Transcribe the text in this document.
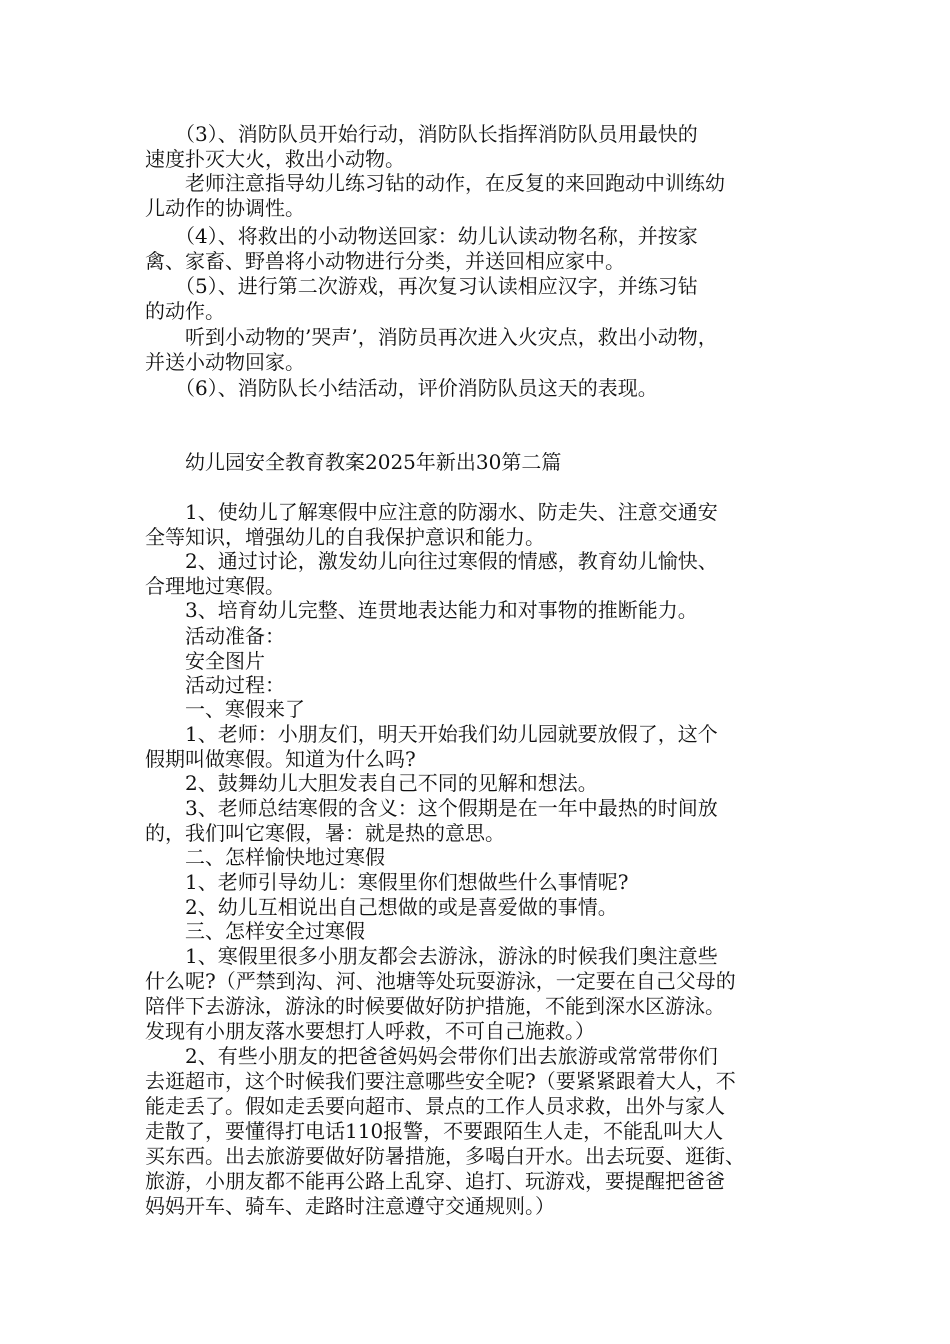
　　（3）、消防队员开始行动，消防队长指挥消防队员用最快的
速度扑灭大火，救出小动物。

　　老师注意指导幼儿练习钻的动作，在反复的来回跑动中训练幼
儿动作的协调性。

　　（4）、将救出的小动物送回家：幼儿认读动物名称，并按家
禽、家畜、野兽将小动物进行分类，并送回相应家中。

　　（5）、进行第二次游戏，再次复习认读相应汉字，并练习钻
的动作。

　　听到小动物的’哭声’，消防员再次进入火灾点，救出小动物，
并送小动物回家。

　　（6）、消防队长小结活动，评价消防队员这天的表现。

　　幼儿园安全教育教案2025年新出30第二篇

　　1、使幼儿了解寒假中应注意的防溺水、防走失、注意交通安
全等知识，增强幼儿的自我保护意识和能力。

　　2、通过讨论，激发幼儿向往过寒假的情感，教育幼儿愉快、
合理地过寒假。

　　3、培育幼儿完整、连贯地表达能力和对事物的推断能力。

　　活动准备：

　　安全图片

　　活动过程：

　　一、寒假来了

　　1、老师：小朋友们，明天开始我们幼儿园就要放假了，这个
假期叫做寒假。知道为什么吗?

　　2、鼓舞幼儿大胆发表自己不同的见解和想法。

　　3、老师总结寒假的含义：这个假期是在一年中最热的时间放
的，我们叫它寒假，暑：就是热的意思。

　　二、怎样愉快地过寒假

　　1、老师引导幼儿：寒假里你们想做些什么事情呢?

　　2、幼儿互相说出自己想做的或是喜爱做的事情。

　　三、怎样安全过寒假

　　1、寒假里很多小朋友都会去游泳，游泳的时候我们奥注意些
什么呢?（严禁到沟、河、池塘等处玩耍游泳，一定要在自己父母的
陪伴下去游泳，游泳的时候要做好防护措施，不能到深水区游泳。
发现有小朋友落水要想打人呼救，不可自己施救。）

　　2、有些小朋友的把爸爸妈妈会带你们出去旅游或常常带你们
去逛超市，这个时候我们要注意哪些安全呢?（要紧紧跟着大人，不
能走丢了。假如走丢要向超市、景点的工作人员求救，出外与家人
走散了，要懂得打电话110报警，不要跟陌生人走，不能乱叫大人
买东西。出去旅游要做好防暑措施，多喝白开水。出去玩耍、逛街、
旅游，小朋友都不能再公路上乱穿、追打、玩游戏，要提醒把爸爸
妈妈开车、骑车、走路时注意遵守交通规则。）
